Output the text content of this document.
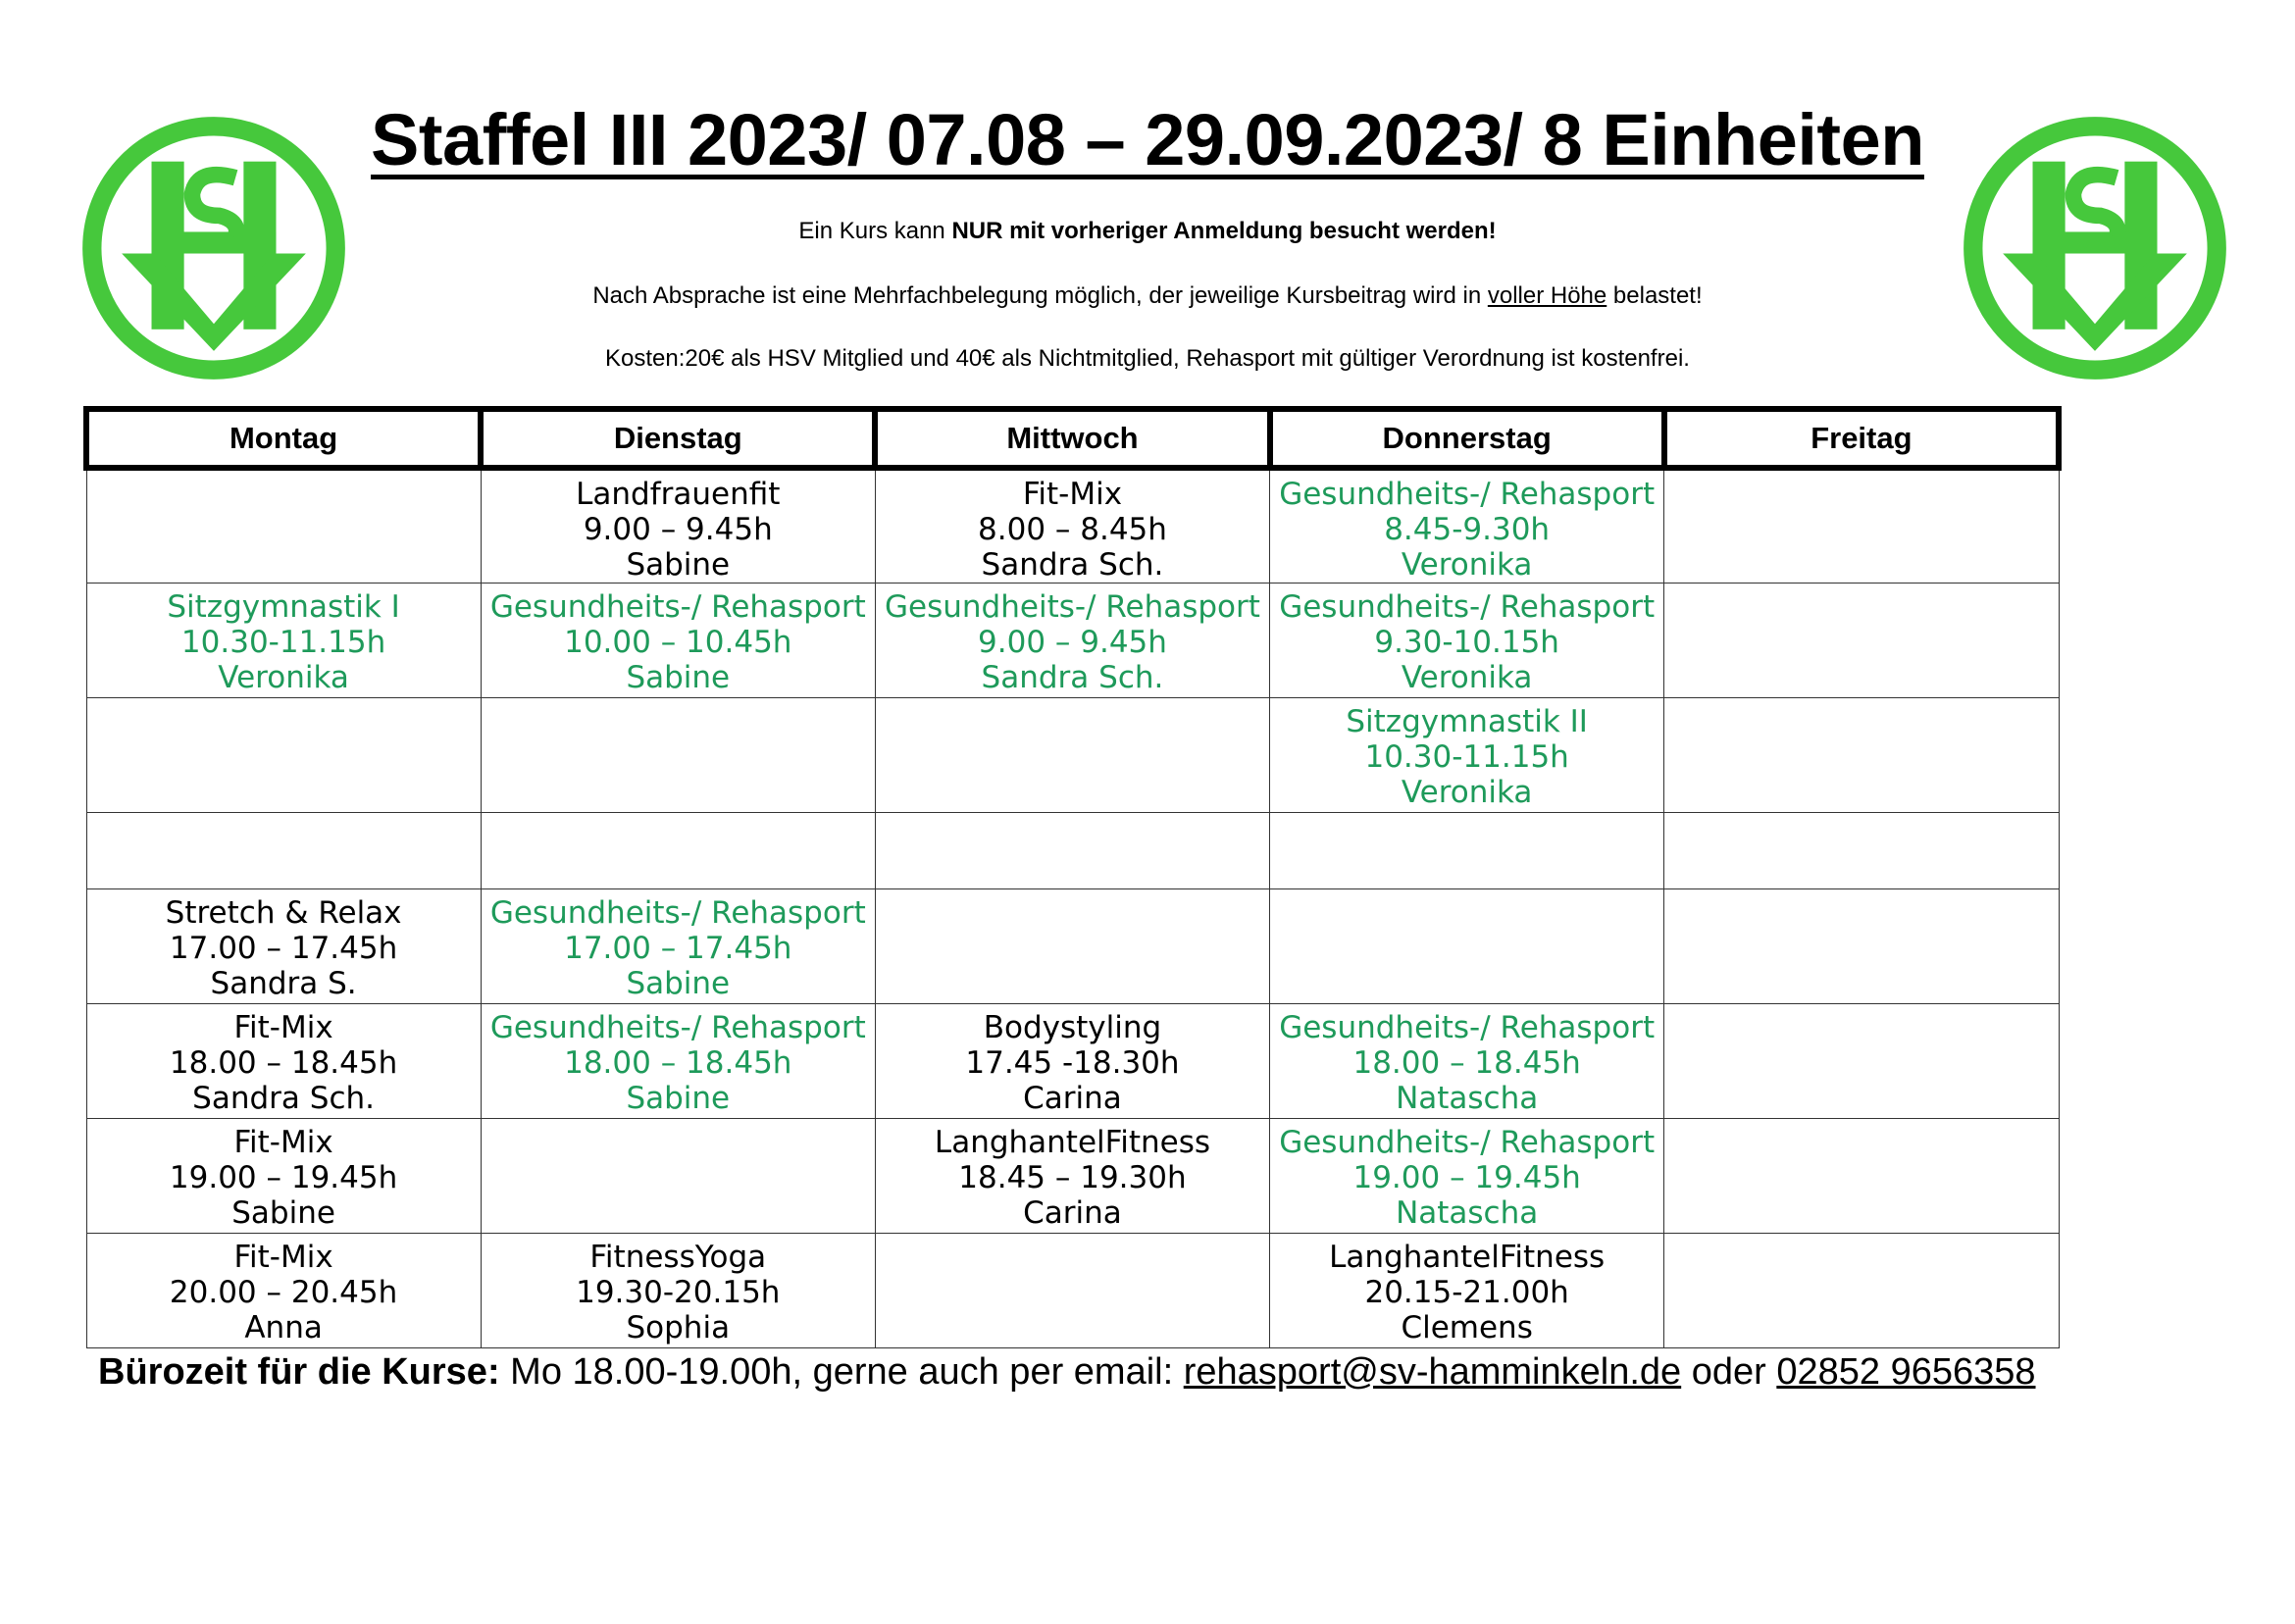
Staffel III 2023/ 07.08 – 29.09.2023/ 8 Einheiten
Ein Kurs kann NUR mit vorheriger Anmeldung besucht werden!
Nach Absprache ist eine Mehrfachbelegung möglich, der jeweilige Kursbeitrag wird in voller Höhe belastet!
Kosten:20€ als HSV Mitglied und 40€ als Nichtmitglied, Rehasport mit gültiger Verordnung ist kostenfrei.
Montag	Dienstag	Mittwoch	Donnerstag	Freitag

	Landfrauenfit
9.00 – 9.45h
Sabine	Fit-Mix
8.00 – 8.45h
Sandra Sch.	Gesundheits-/ Rehasport
8.45-9.30h
Veronika	

Sitzgymnastik I
10.30-11.15h
Veronika	Gesundheits-/ Rehasport
10.00 – 10.45h
Sabine	Gesundheits-/ Rehasport
9.00 – 9.45h
Sandra Sch.	Gesundheits-/ Rehasport
9.30-10.15h
Veronika	

			Sitzgymnastik II
10.30-11.15h
Veronika	

Stretch & Relax
17.00 – 17.45h
Sandra S.	Gesundheits-/ Rehasport
17.00 – 17.45h
Sabine			

Fit-Mix
18.00 – 18.45h
Sandra Sch.	Gesundheits-/ Rehasport
18.00 – 18.45h
Sabine	Bodystyling
17.45 -18.30h
Carina	Gesundheits-/ Rehasport
18.00 – 18.45h
Natascha	

Fit-Mix
19.00 – 19.45h
Sabine		LanghantelFitness
18.45 – 19.30h
Carina	Gesundheits-/ Rehasport
19.00 – 19.45h
Natascha	

Fit-Mix
20.00 – 20.45h
Anna	FitnessYoga
19.30-20.15h
Sophia		LanghantelFitness
20.15-21.00h
Clemens	

Bürozeit für die Kurse: Mo 18.00-19.00h, gerne auch per email: rehasport@sv-hamminkeln.de oder 02852 9656358
